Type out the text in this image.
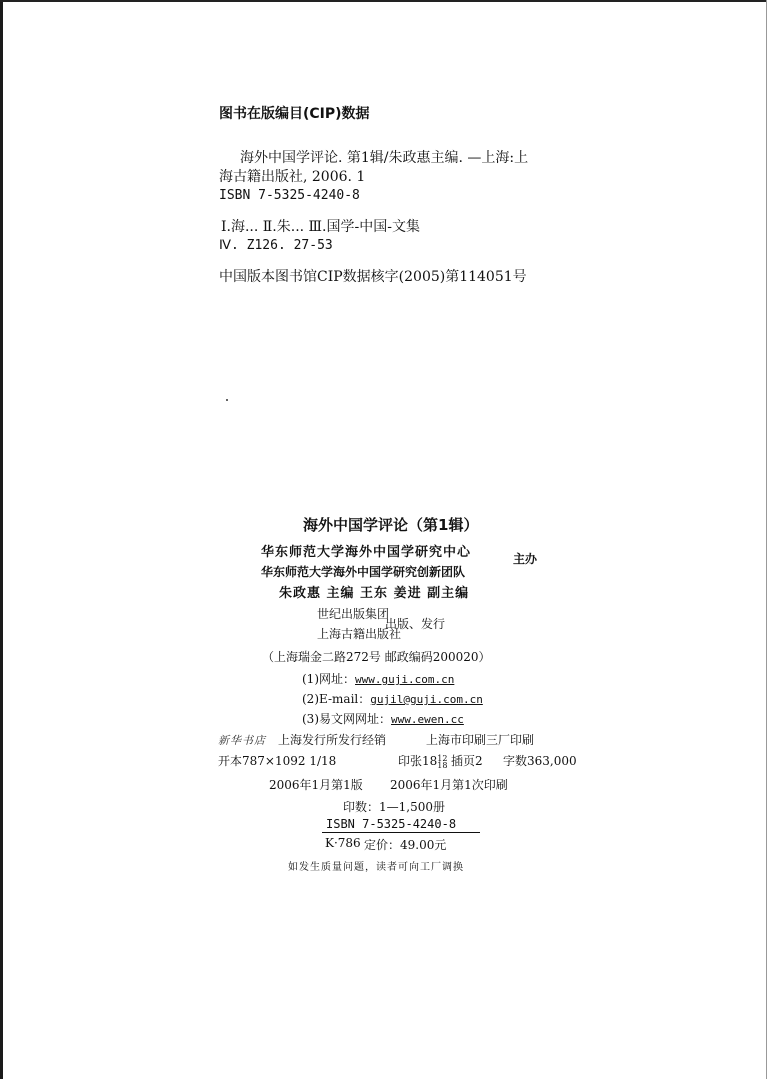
图书在版编目(CIP)数据
海外中国学评论. 第1辑/朱政惠主编. —上海:上
海古籍出版社, 2006. 1
ISBN 7-5325-4240-8
Ⅰ.海... Ⅱ.朱... Ⅲ.国学-中国-文集
Ⅳ. Z126. 27-53
中国版本图书馆CIP数据核字(2005)第114051号
海外中国学评论（第1辑）
华东师范大学海外中国学研究中心
华东师范大学海外中国学研究创新团队
主办
朱政惠 主编 王东 姜进 副主编
世纪出版集团
上海古籍出版社
出版、发行
（上海瑞金二路272号 邮政编码200020）
(1)网址：www.guji.com.cn
(2)E-mail：gujil@guji.com.cn
(3)易文网网址：www.ewen.cc
新华书店 上海发行所发行经销	上海市印刷三厂印刷
开本787×1092 1/18	印张18 12
18 插页2 字数363,000
2006年1月第1版 2006年1月第1次印刷
印数：1—1,500册
ISBN 7-5325-4240-8
K·786 定价：49.00元
如发生质量问题，读者可向工厂调换
